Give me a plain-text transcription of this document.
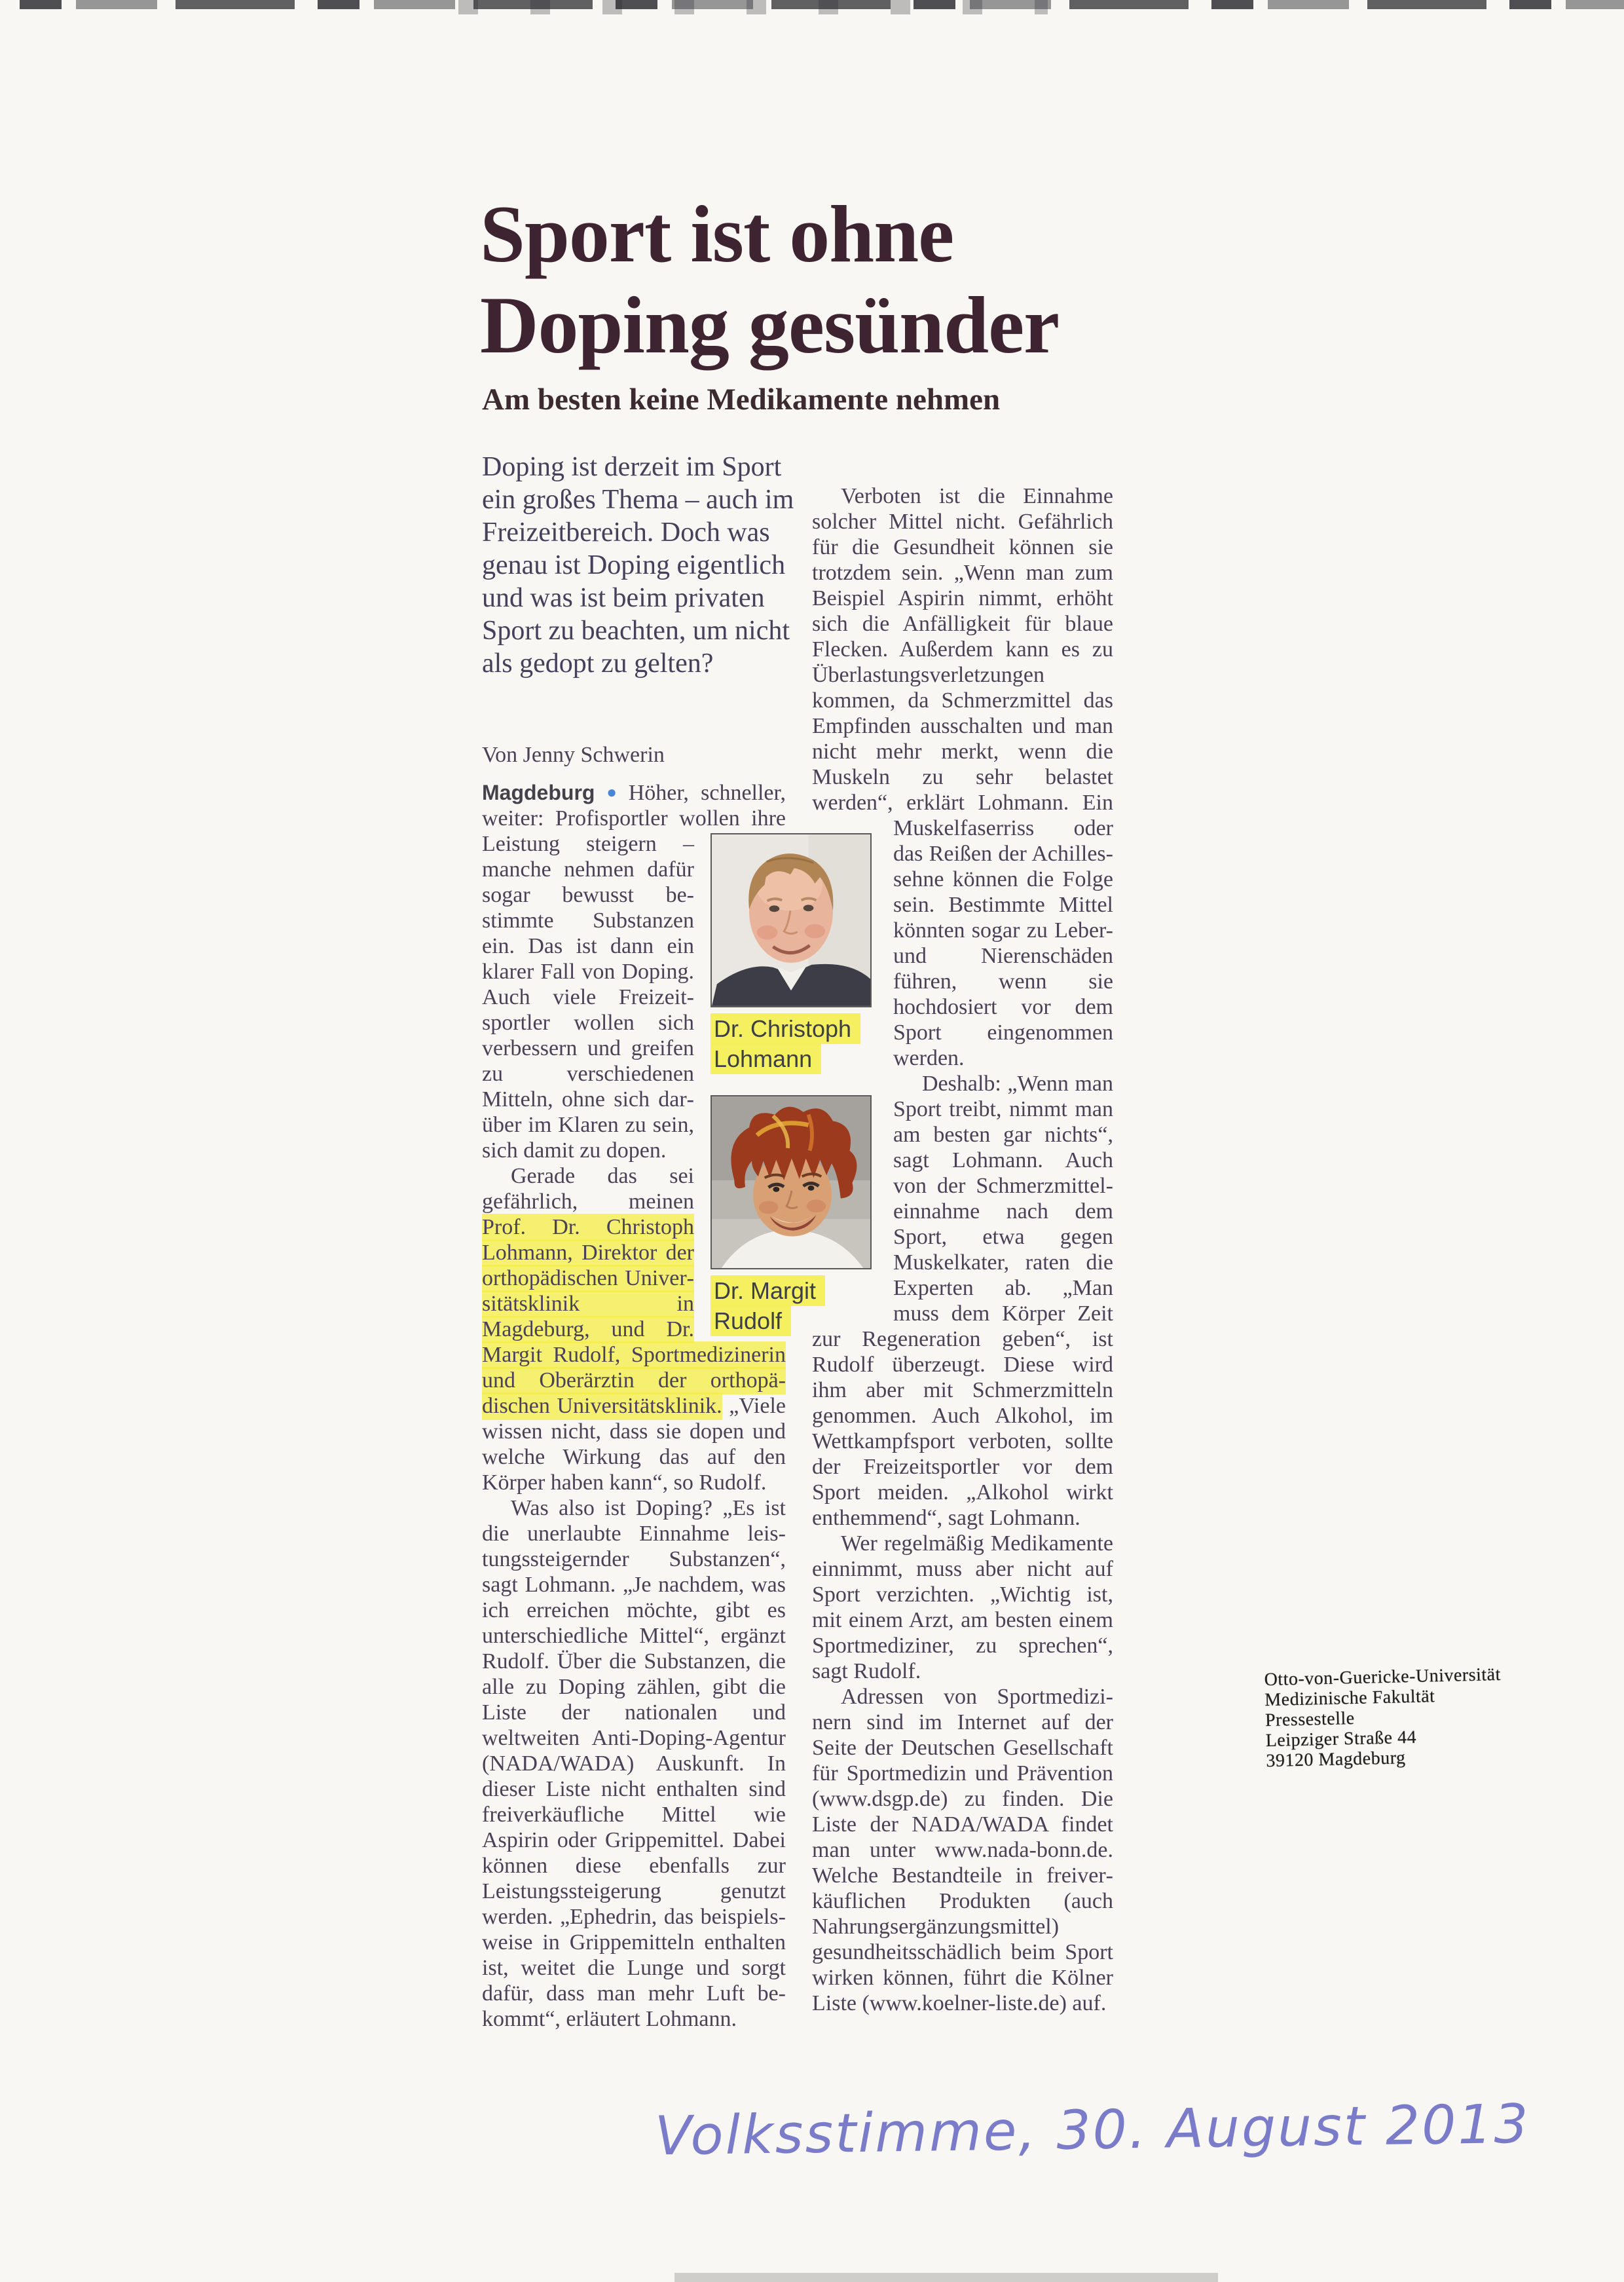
Sport ist ohne
Doping gesünder
Am besten keine Medikamente nehmen
Doping ist derzeit im Sport ein großes Thema – auch im Freizeitbereich. Doch was genau ist Doping eigentlich und was ist beim privaten Sport zu beachten, um nicht als gedopt zu gelten?
Von Jenny Schwerin

Magdeburg ● Höher, schneller, weiter: Profisportler wollen
ihre Leistung steigern – manche nehmen dafür sogar bewusst bestimmte Substanzen ein. Das ist dann ein klarer Fall von Doping. Auch viele Freizeitsportler wollen sich verbessern und greifen zu verschiedenen Mitteln, ohne sich darüber im Klaren zu sein, sich damit zu dopen.

Gerade das sei gefährlich, meinen Prof. Dr. Christoph Lohmann, Direktor der orthopädischen Universitätsklinik in Magdeburg, und Dr. Margit Rudolf, Sportmedizinerin und Oberärztin der orthopädischen Universitätsklinik. „Viele wissen nicht, dass sie dopen und welche Wirkung das auf den Körper haben kann“, so Rudolf.

Was also ist Doping? „Es ist die unerlaubte Einnahme leistungssteigernder Substanzen“, sagt Lohmann. „Je nachdem, was ich erreichen möchte, gibt es unterschiedliche Mittel“, ergänzt Rudolf. Über die Substanzen, die alle zu Doping zählen, gibt die Liste der nationalen und weltweiten Anti-Doping-Agentur (NADA/WADA) Auskunft. In dieser Liste nicht enthalten sind freiverkäufliche Mittel wie Aspirin oder Grippemittel. Dabei können diese ebenfalls zur Leistungssteigerung genutzt werden. „Ephedrin, das beispielsweise in Grippemitteln enthalten ist, weitet die Lunge und sorgt dafür, dass man mehr Luft bekommt“, erläutert Lohmann.

Verboten ist die Einnahme solcher Mittel nicht. Gefährlich für die Gesundheit können sie trotzdem sein. „Wenn man zum Beispiel Aspirin nimmt, erhöht sich die Anfälligkeit für blaue Flecken. Außerdem kann es zu Überlastungsverletzungen kommen, da Schmerzmittel das Empfinden ausschalten und man nicht mehr merkt, wenn die Muskeln zu sehr belastet werden“, erklärt Lohmann. Ein Muskelfaserriss
oder das Reißen der Achillessehne können die Folge sein. Bestimmte Mittel könnten sogar zu Leber- und Nierenschäden führen, wenn sie hochdosiert vor dem Sport eingenommen werden.

Deshalb: „Wenn man Sport treibt, nimmt man am besten gar nichts“, sagt Lohmann. Auch von der Schmerzmitteleinnahme nach dem Sport, etwa gegen Muskelkater, raten die Experten ab. „Man muss dem Körper Zeit zur Regeneration geben“, ist Rudolf überzeugt. Diese wird ihm aber mit Schmerzmitteln genommen. Auch Alkohol, im Wettkampfsport verboten, sollte der Freizeitsportler vor dem Sport meiden. „Alkohol wirkt enthemmend“, sagt Lohmann.

Wer regelmäßig Medikamente einnimmt, muss aber nicht auf Sport verzichten. „Wichtig ist, mit einem Arzt, am besten einem Sportmediziner, zu sprechen“, sagt Rudolf.

Adressen von Sportmedizinern sind im Internet auf der Seite der Deutschen Gesellschaft für Sportmedizin und Prävention (www.dsgp.de) zu finden. Die Liste der NADA/WADA findet man unter www.nada-bonn.de. Welche Bestandteile in freiverkäuflichen Produkten (auch Nahrungsergänzungsmittel) gesundheitsschädlich beim Sport wirken können, führt die Kölner Liste (www.koelner-liste.de) auf.

Dr. Christoph
Lohmann
Dr. Margit
Rudolf
Otto-von-Guericke-Universität
Medizinische Fakultät
Pressestelle
Leipziger Straße 44
39120 Magdeburg
Volksstimme, 30. August 2013
